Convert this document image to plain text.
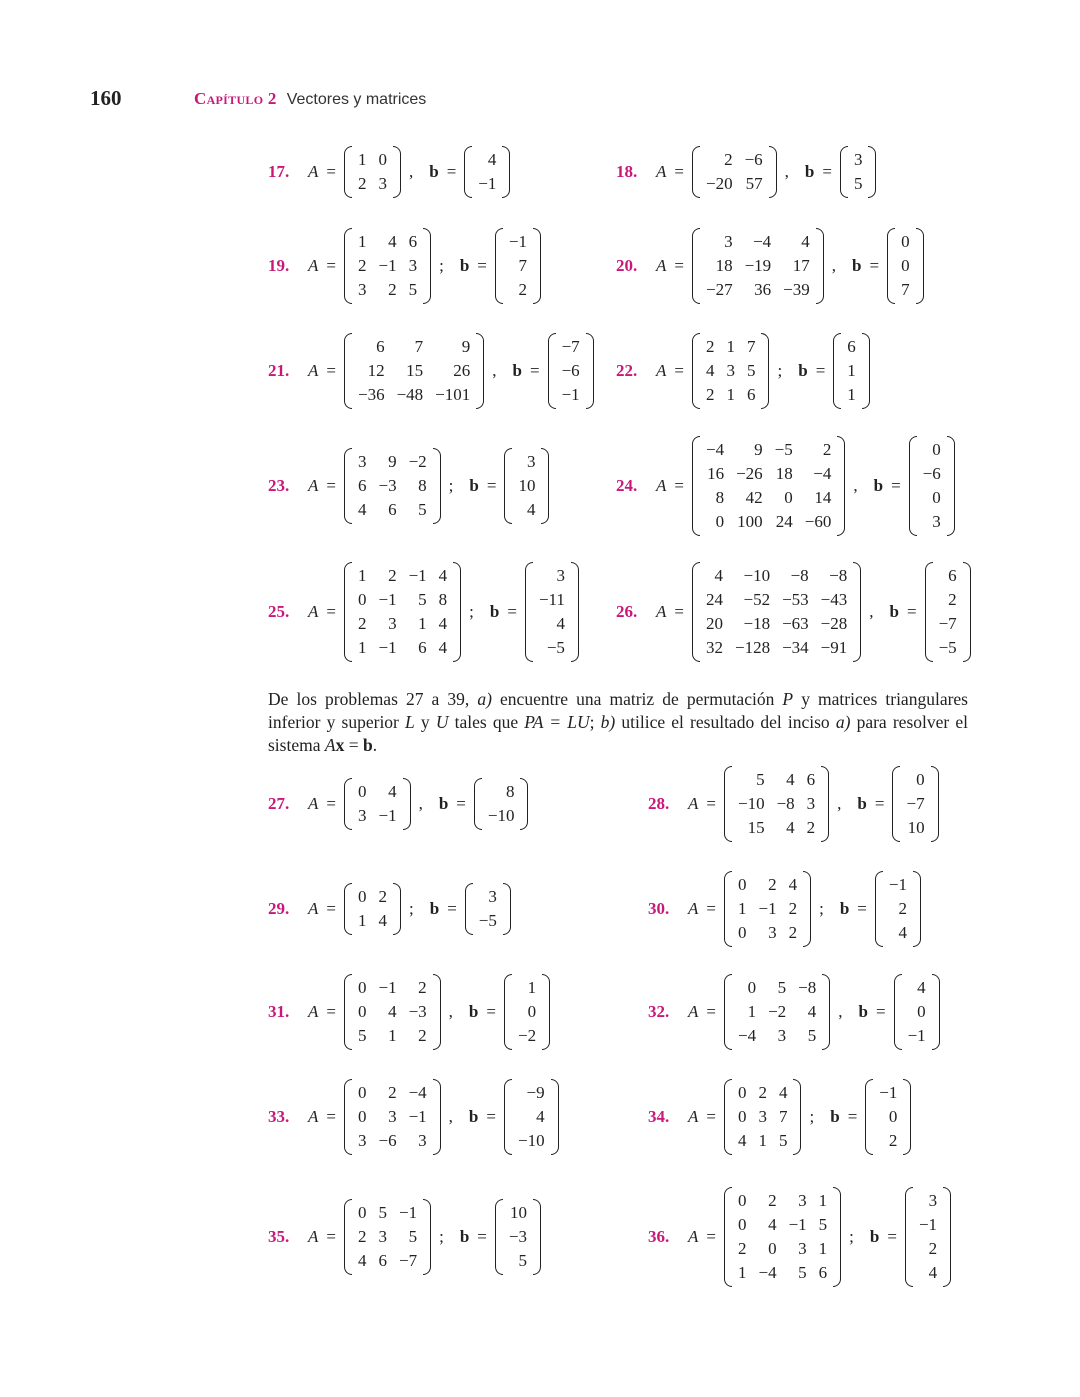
160	Capítulo 2 Vectores y matrices
17.	A =
1	0
2	3
, b =
4
−1
18.	A =
2	−6
−20	57
, b =
3
5
19.	A =
1	4	6
2	−1	3
3	2	5
; b =
−1
7
2
20.	A =
3	−4	4
18	−19	17
−27	36	−39
, b =
0
0
7
21.	A =
6	7	9
12	15	26
−36	−48	−101
, b =
−7
−6
−1
22.	A =
2	1	7
4	3	5
2	1	6
; b =
6
1
1
23.	A =
3	9	−2
6	−3	8
4	6	5
; b =
3
10
4
24.	A =
−4	9	−5	2
16	−26	18	−4
8	42	0	14
0	100	24	−60
, b =
0
−6
0
3
25.	A =
1	2	−1	4
0	−1	5	8
2	3	1	4
1	−1	6	4
; b =
3
−11
4
−5
26.	A =
4	−10	−8	−8
24	−52	−53	−43
20	−18	−63	−28
32	−128	−34	−91
, b =
6
2
−7
−5
De los problemas 27 a 39, a) encuentre una matriz de permutación P y matrices triangulares inferior y superior L y U tales que PA = LU; b) utilice el resultado del inciso a) para resolver el sistema Ax = b.
27.	A =
0	4
3	−1
, b =
8
−10
28.	A =
5	4	6
−10	−8	3
15	4	2
, b =
0
−7
10
29.	A =
0	2
1	4
; b =
3
−5
30.	A =
0	2	4
1	−1	2
0	3	2
; b =
−1
2
4
31.	A =
0	−1	2
0	4	−3
5	1	2
, b =
1
0
−2
32.	A =
0	5	−8
1	−2	4
−4	3	5
, b =
4
0
−1
33.	A =
0	2	−4
0	3	−1
3	−6	3
, b =
−9
4
−10
34.	A =
0	2	4
0	3	7
4	1	5
; b =
−1
0
2
35.	A =
0	5	−1
2	3	5
4	6	−7
; b =
10
−3
5
36.	A =
0	2	3	1
0	4	−1	5
2	0	3	1
1	−4	5	6
; b =
3
−1
2
4
